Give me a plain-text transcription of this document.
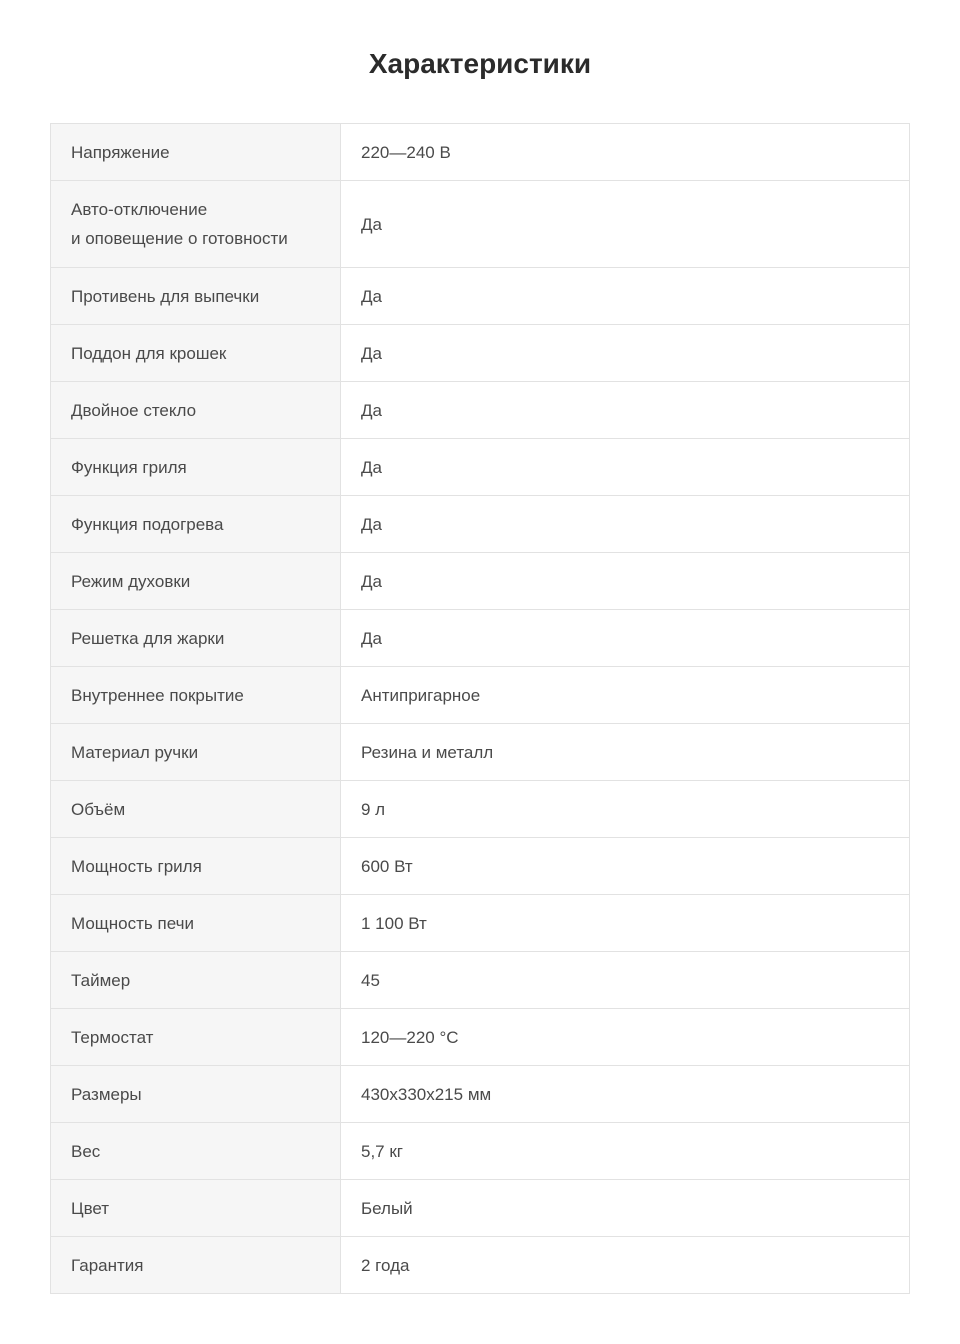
Характеристики
Напряжение	220—240 В

Авто-отключение
и оповещение о готовности	Да
Противень для выпечки	Да
Поддон для крошек	Да
Двойное стекло	Да
Функция гриля	Да
Функция подогрева	Да
Режим духовки	Да
Решетка для жарки	Да
Внутреннее покрытие	Антипригарное
Материал ручки	Резина и металл
Объём	9 л
Мощность гриля	600 Вт
Мощность печи	1 100 Вт
Таймер	45
Термостат	120—220 °C
Размеры	430x330x215 мм
Вес	5,7 кг
Цвет	Белый
Гарантия	2 года
